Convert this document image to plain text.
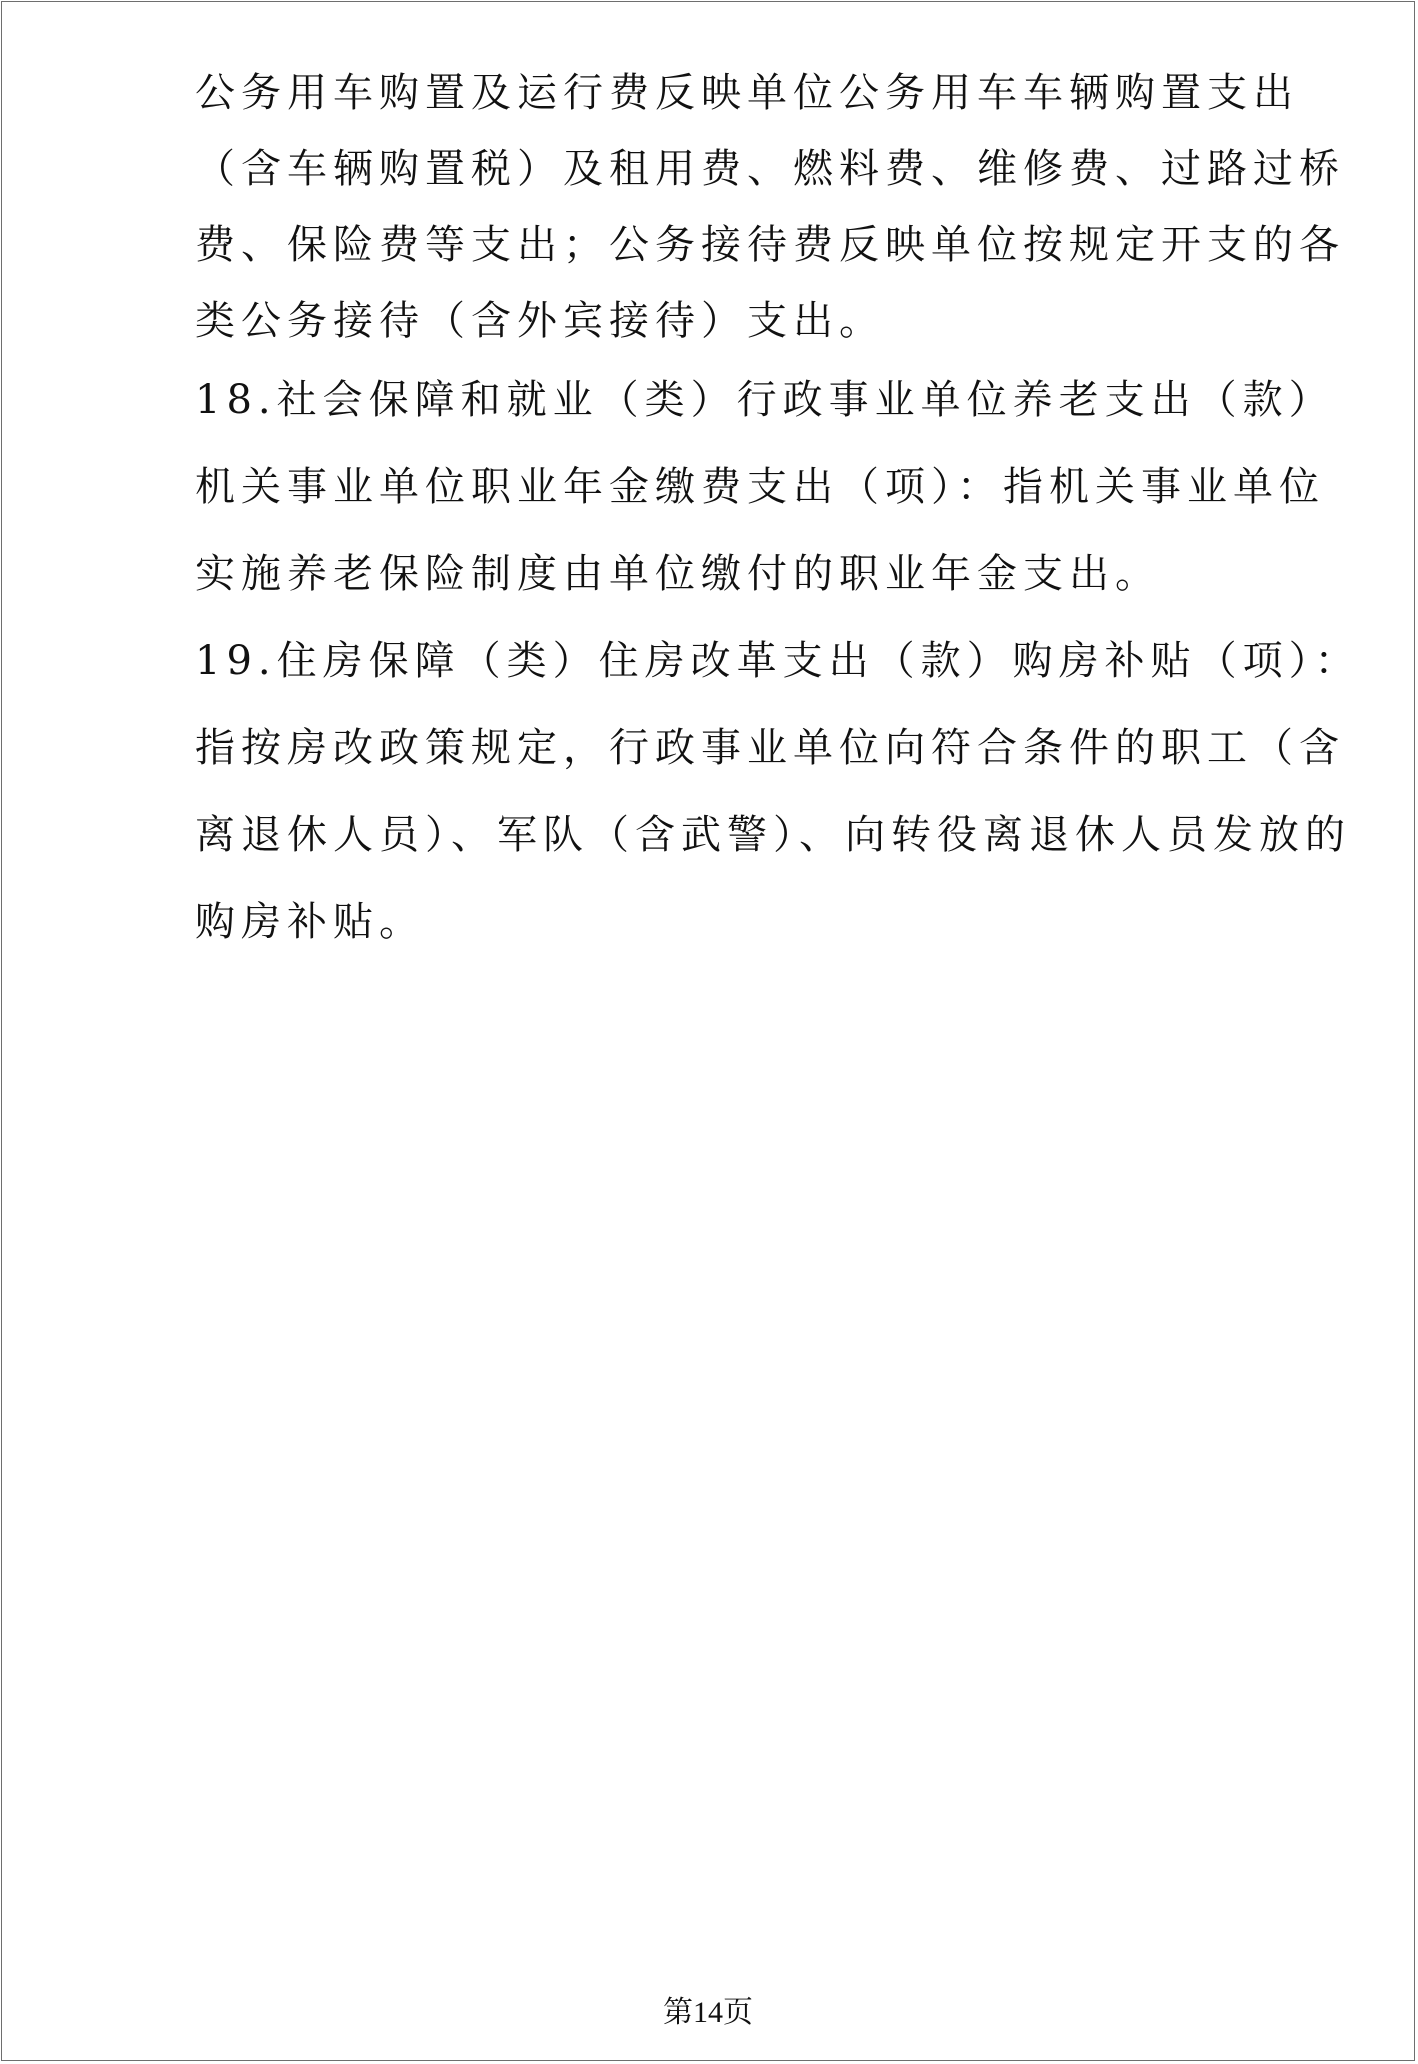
公务用车购置及运行费反映单位公务用车车辆购置支出

（含车辆购置税）及租用费、燃料费、维修费、过路过桥

费、保险费等支出；公务接待费反映单位按规定开支的各

类公务接待（含外宾接待）支出。

18.社会保障和就业（类）行政事业单位养老支出（款）

机关事业单位职业年金缴费支出（项）：指机关事业单位

实施养老保险制度由单位缴付的职业年金支出。

19.住房保障（类）住房改革支出（款）购房补贴（项）：

指按房改政策规定，行政事业单位向符合条件的职工（含

离退休人员）、军队（含武警）、向转役离退休人员发放的

购房补贴。

第14页
